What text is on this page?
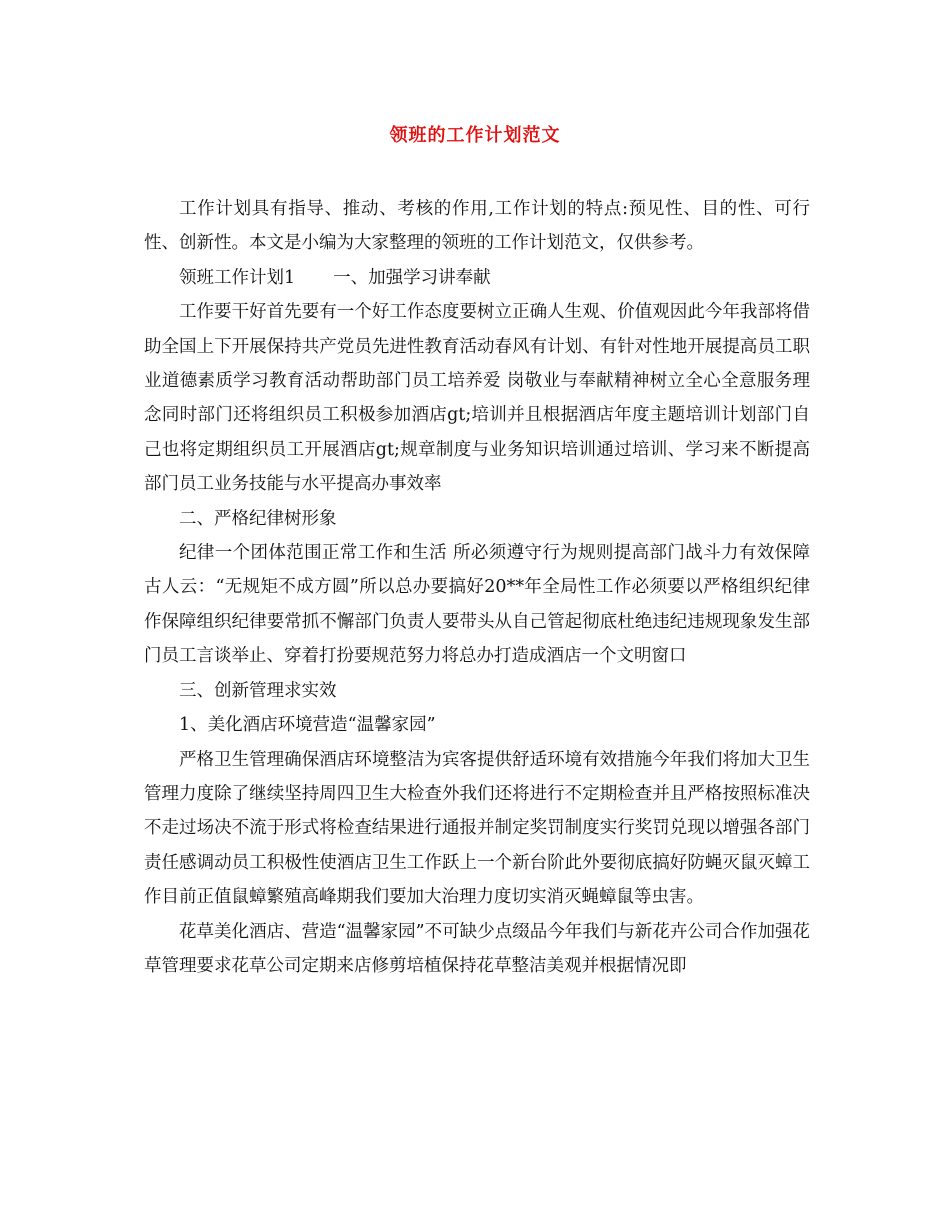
领班的工作计划范文

工作计划具有指导、推动、考核的作用,工作计划的特点:预见性、目的性、可行性、创新性。本文是小编为大家整理的领班的工作计划范文，仅供参考。

领班工作计划1 一、加强学习讲奉献

工作要干好首先要有一个好工作态度要树立正确人生观、价值观因此今年我部将借助全国上下开展保持共产党员先进性教育活动春风有计划、有针对性地开展提高员工职业道德素质学习教育活动帮助部门员工培养爱 岗敬业与奉献精神树立全心全意服务理念同时部门还将组织员工积极参加酒店gt;培训并且根据酒店年度主题培训计划部门自己也将定期组织员工开展酒店gt;规章制度与业务知识培训通过培训、学习来不断提高部门员工业务技能与水平提高办事效率

二、严格纪律树形象

纪律一个团体范围正常工作和生活 所必须遵守行为规则提高部门战斗力有效保障古人云：“无规矩不成方圆”所以总办要搞好20**年全局性工作必须要以严格组织纪律作保障组织纪律要常抓不懈部门负责人要带头从自己管起彻底杜绝违纪违规现象发生部门员工言谈举止、穿着打扮要规范努力将总办打造成酒店一个文明窗口

三、创新管理求实效

1、美化酒店环境营造“温馨家园”

严格卫生管理确保酒店环境整洁为宾客提供舒适环境有效措施今年我们将加大卫生管理力度除了继续坚持周四卫生大检查外我们还将进行不定期检查并且严格按照标准决不走过场决不流于形式将检查结果进行通报并制定奖罚制度实行奖罚兑现以增强各部门责任感调动员工积极性使酒店卫生工作跃上一个新台阶此外要彻底搞好防蝇灭鼠灭蟑工作目前正值鼠蟑繁殖高峰期我们要加大治理力度切实消灭蝇蟑鼠等虫害。

花草美化酒店、营造“温馨家园”不可缺少点缀品今年我们与新花卉公司合作加强花草管理要求花草公司定期来店修剪培植保持花草整洁美观并根据情况即
